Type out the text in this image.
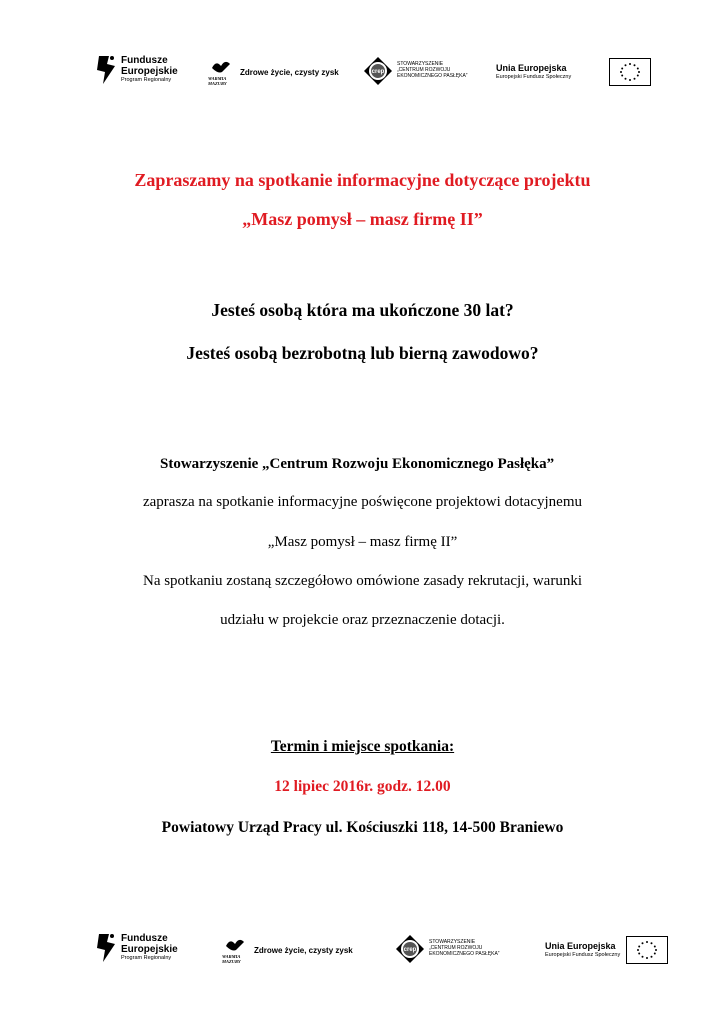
Fundusze
Europejskie
Program Regionalny	WARMIA MAZURY
Zdrowe życie, czysty zysk	crep
STOWARZYSZENIE
„CENTRUM ROZWOJU
EKONOMICZNEGO PASŁĘKA”
Unia Europejska
Europejski Fundusz Społeczny
Zapraszamy na spotkanie informacyjne dotyczące projektu
„Masz pomysł – masz firmę II”
Jesteś osobą która ma ukończone 30 lat?
Jesteś osobą bezrobotną lub bierną zawodowo?
Stowarzyszenie „Centrum Rozwoju Ekonomicznego Pasłęka”
zaprasza na spotkanie informacyjne poświęcone projektowi dotacyjnemu
„Masz pomysł – masz firmę II”
Na spotkaniu zostaną szczegółowo omówione zasady rekrutacji, warunki
udziału w projekcie oraz przeznaczenie dotacji.
Termin i miejsce spotkania:
12 lipiec 2016r. godz. 12.00
Powiatowy Urząd Pracy ul. Kościuszki 118, 14-500 Braniewo
Fundusze
Europejskie
Program Regionalny	WARMIA MAZURY
Zdrowe życie, czysty zysk	crep
STOWARZYSZENIE
„CENTRUM ROZWOJU
EKONOMICZNEGO PASŁĘKA”
Unia Europejska
Europejski Fundusz Społeczny
